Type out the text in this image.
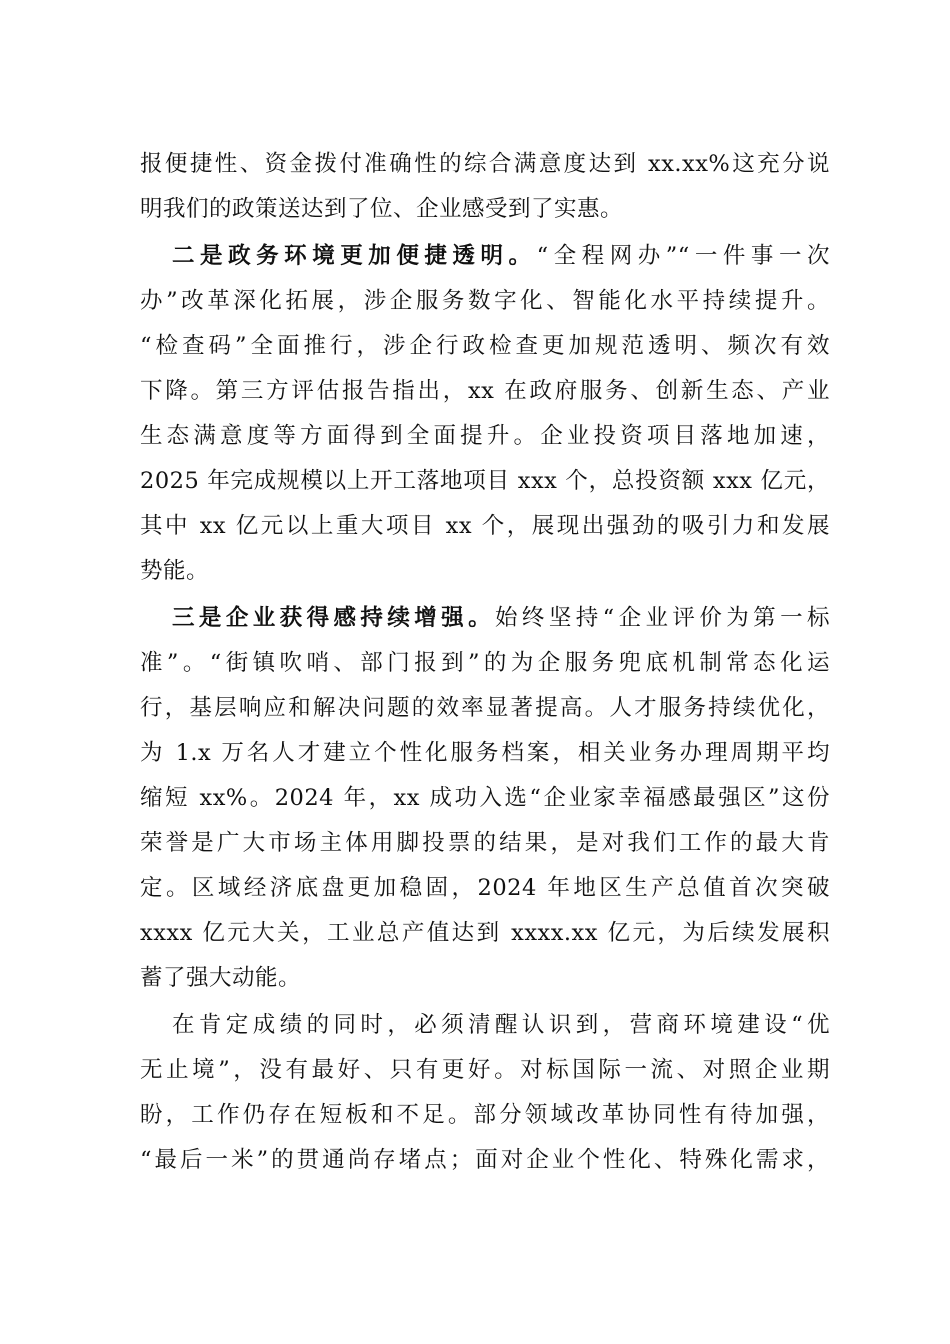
报便捷性、资金拨付准确性的综合满意度达到 xx.xx%这充分说
明我们的政策送达到了位、企业感受到了实惠。
二是政务环境更加便捷透明。“全程网办”“一件事一次
办”改革深化拓展，涉企服务数字化、智能化水平持续提升。
“检查码”全面推行，涉企行政检查更加规范透明、频次有效
下降。第三方评估报告指出，xx 在政府服务、创新生态、产业
生态满意度等方面得到全面提升。企业投资项目落地加速，
2025 年完成规模以上开工落地项目 xxx 个，总投资额 xxx 亿元，
其中 xx 亿元以上重大项目 xx 个，展现出强劲的吸引力和发展
势能。
三是企业获得感持续增强。始终坚持“企业评价为第一标
准”。“街镇吹哨、部门报到”的为企服务兜底机制常态化运
行，基层响应和解决问题的效率显著提高。人才服务持续优化，
为 1.x 万名人才建立个性化服务档案，相关业务办理周期平均
缩短 xx%。2024 年，xx 成功入选“企业家幸福感最强区”这份
荣誉是广大市场主体用脚投票的结果，是对我们工作的最大肯
定。区域经济底盘更加稳固，2024 年地区生产总值首次突破
xxxx 亿元大关，工业总产值达到 xxxx.xx 亿元，为后续发展积
蓄了强大动能。
在肯定成绩的同时，必须清醒认识到，营商环境建设“优
无止境”，没有最好、只有更好。对标国际一流、对照企业期
盼，工作仍存在短板和不足。部分领域改革协同性有待加强，
“最后一米”的贯通尚存堵点；面对企业个性化、特殊化需求，
